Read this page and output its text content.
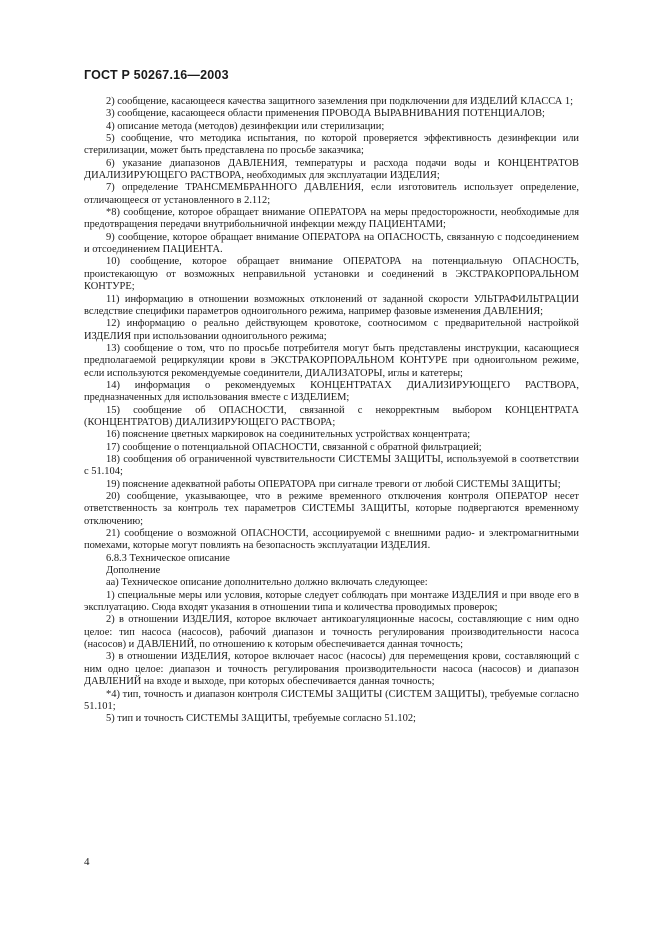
ГОСТ Р 50267.16—2003

2) сообщение, касающееся качества защитного заземления при подключении для ИЗДЕЛИЙ КЛАССА 1;

3) сообщение, касающееся области применения ПРОВОДА ВЫРАВНИВАНИЯ ПОТЕНЦИАЛОВ;

4) описание метода (методов) дезинфекции или стерилизации;

5) сообщение, что методика испытания, по которой проверяется эффективность дезинфекции или стерилизации, может быть представлена по просьбе заказчика;

6) указание диапазонов ДАВЛЕНИЯ, температуры и расхода подачи воды и КОНЦЕНТРАТОВ ДИАЛИЗИРУЮЩЕГО РАСТВОРА, необходимых для эксплуатации ИЗДЕЛИЯ;

7) определение ТРАНСМЕМБРАННОГО ДАВЛЕНИЯ, если изготовитель использует определение, отличающееся от установленного в 2.112;

*8) сообщение, которое обращает внимание ОПЕРАТОРА на меры предосторожности, необходимые для предотвращения передачи внутрибольничной инфекции между ПАЦИЕНТАМИ;

9) сообщение, которое обращает внимание ОПЕРАТОРА на ОПАСНОСТЬ, связанную с подсоединением и отсоединением ПАЦИЕНТА.

10) сообщение, которое обращает внимание ОПЕРАТОРА на потенциальную ОПАСНОСТЬ, проистекающую от возможных неправильной установки и соединений в ЭКСТРАКОРПОРАЛЬНОМ КОНТУРЕ;

11) информацию в отношении возможных отклонений от заданной скорости УЛЬТРАФИЛЬТРАЦИИ вследствие специфики параметров одноигольного режима, например фазовые изменения ДАВЛЕНИЯ;

12) информацию о реально действующем кровотоке, соотносимом с предварительной настройкой ИЗДЕЛИЯ при использовании одноигольного режима;

13) сообщение о том, что по просьбе потребителя могут быть представлены инструкции, касающиеся предполагаемой рециркуляции крови в ЭКСТРАКОРПОРАЛЬНОМ КОНТУРЕ при одноигольном режиме, если используются рекомендуемые соединители, ДИАЛИЗАТОРЫ, иглы и катетеры;

14) информация о рекомендуемых КОНЦЕНТРАТАХ ДИАЛИЗИРУЮЩЕГО РАСТВОРА, предназначенных для использования вместе с ИЗДЕЛИЕМ;

15) сообщение об ОПАСНОСТИ, связанной с некорректным выбором КОНЦЕНТРАТА (КОНЦЕНТРАТОВ) ДИАЛИЗИРУЮЩЕГО РАСТВОРА;

16) пояснение цветных маркировок на соединительных устройствах концентрата;

17) сообщение о потенциальной ОПАСНОСТИ, связанной с обратной фильтрацией;

18) сообщения об ограниченной чувствительности СИСТЕМЫ ЗАЩИТЫ, используемой в соответствии с 51.104;

19) пояснение адекватной работы ОПЕРАТОРА при сигнале тревоги от любой СИСТЕМЫ ЗАЩИТЫ;

20) сообщение, указывающее, что в режиме временного отключения контроля ОПЕРАТОР несет ответственность за контроль тех параметров СИСТЕМЫ ЗАЩИТЫ, которые подвергаются временному отключению;

21) сообщение о возможной ОПАСНОСТИ, ассоциируемой с внешними радио- и электромагнитными помехами, которые могут повлиять на безопасность эксплуатации ИЗДЕЛИЯ.

6.8.3 Техническое описание

Дополнение

аа) Техническое описание дополнительно должно включать следующее:

1) специальные меры или условия, которые следует соблюдать при монтаже ИЗДЕЛИЯ и при вводе его в эксплуатацию. Сюда входят указания в отношении типа и количества проводимых проверок;

2) в отношении ИЗДЕЛИЯ, которое включает антикоагуляционные насосы, составляющие с ним одно целое: тип насоса (насосов), рабочий диапазон и точность регулирования производительности насоса (насосов) и ДАВЛЕНИЙ, по отношению к которым обеспечивается данная точность;

3) в отношении ИЗДЕЛИЯ, которое включает насос (насосы) для перемещения крови, составляющий с ним одно целое: диапазон и точность регулирования производительности насоса (насосов) и диапазон ДАВЛЕНИЙ на входе и выходе, при которых обеспечивается данная точность;

*4) тип, точность и диапазон контроля СИСТЕМЫ ЗАЩИТЫ (СИСТЕМ ЗАЩИТЫ), требуемые согласно 51.101;

5) тип и точность СИСТЕМЫ ЗАЩИТЫ, требуемые согласно 51.102;

4
